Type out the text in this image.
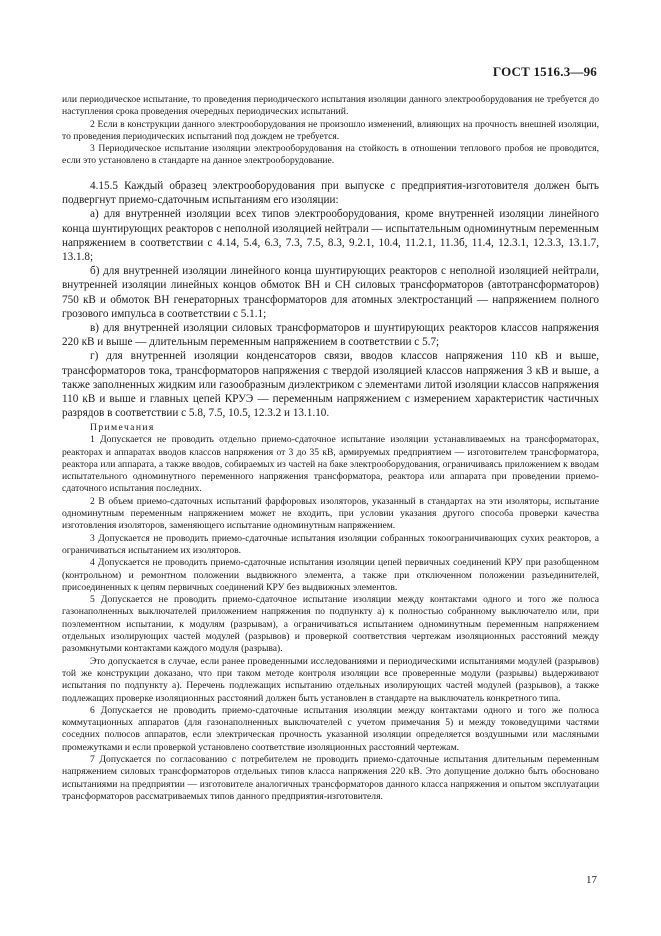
ГОСТ 1516.3—96

или периодическое испытание, то проведения периодического испытания изоляции данного электрооборудования не требуется до наступления срока проведения очередных периодических испытаний.

2 Если в конструкции данного электрооборудования не произошло изменений, влияющих на прочность внешней изоляции, то проведения периодических испытаний под дождем не требуется.

3 Периодическое испытание изоляции электрооборудования на стойкость в отношении теплового пробоя не проводится, если это установлено в стандарте на данное электрооборудование.

4.15.5 Каждый образец электрооборудования при выпуске с предприятия-изготовителя должен быть подвергнут приемо-сдаточным испытаниям его изоляции:

а) для внутренней изоляции всех типов электрооборудования, кроме внутренней изоляции линейного конца шунтирующих реакторов с неполной изоляцией нейтрали — испытательным одноминутным переменным напряжением в соответствии с 4.14, 5.4, 6.3, 7.3, 7.5, 8.3, 9.2.1, 10.4, 11.2.1, 11.3б, 11.4, 12.3.1, 12.3.3, 13.1.7, 13.1.8;

б) для внутренней изоляции линейного конца шунтирующих реакторов с неполной изоляцией нейтрали, внутренней изоляции линейных концов обмоток ВН и СН силовых трансформаторов (автотрансформаторов) 750 кВ и обмоток ВН генераторных трансформаторов для атомных электростанций — напряжением полного грозового импульса в соответствии с 5.1.1;

в) для внутренней изоляции силовых трансформаторов и шунтирующих реакторов классов напряжения 220 кВ и выше — длительным переменным напряжением в соответствии с 5.7;

г) для внутренней изоляции конденсаторов связи, вводов классов напряжения 110 кВ и выше, трансформаторов тока, трансформаторов напряжения с твердой изоляцией классов напряжения 3 кВ и выше, а также заполненных жидким или газообразным диэлектриком с элементами литой изоляции классов напряжения 110 кВ и выше и главных цепей КРУЭ — переменным напряжением с измерением характеристик частичных разрядов в соответствии с 5.8, 7.5, 10.5, 12.3.2 и 13.1.10.

Примечания

1 Допускается не проводить отдельно приемо-сдаточное испытание изоляции устанавливаемых на трансформаторах, реакторах и аппаратах вводов классов напряжения от 3 до 35 кВ, армируемых предприятием — изготовителем трансформатора, реактора или аппарата, а также вводов, собираемых из частей на баке электрооборудования, ограничиваясь приложением к вводам испытательного одноминутного переменного напряжения трансформатора, реактора или аппарата при проведении приемо-сдаточного испытания последних.

2 В объем приемо-сдаточных испытаний фарфоровых изоляторов, указанный в стандартах на эти изоляторы, испытание одноминутным переменным напряжением может не входить, при условии указания другого способа проверки качества изготовления изоляторов, заменяющего испытание одноминутным напряжением.

3 Допускается не проводить приемо-сдаточные испытания изоляции собранных токоограничивающих сухих реакторов, а ограничиваться испытанием их изоляторов.

4 Допускается не проводить приемо-сдаточные испытания изоляции цепей первичных соединений КРУ при разобщенном (контрольном) и ремонтном положении выдвижного элемента, а также при отключенном положении разъединителей, присоединенных к цепям первичных соединений КРУ без выдвижных элементов.

5 Допускается не проводить приемо-сдаточное испытание изоляции между контактами одного и того же полюса газонаполненных выключателей приложением напряжения по подпункту а) к полностью собранному выключателю или, при поэлементном испытании, к модулям (разрывам), а ограничиваться испытанием одноминутным переменным напряжением отдельных изолирующих частей модулей (разрывов) и проверкой соответствия чертежам изоляционных расстояний между разомкнутыми контактами каждого модуля (разрыва).

Это допускается в случае, если ранее проведенными исследованиями и периодическими испытаниями модулей (разрывов) той же конструкции доказано, что при таком методе контроля изоляции все проверенные модули (разрывы) выдерживают испытания по подпункту а). Перечень подлежащих испытанию отдельных изолирующих частей модулей (разрывов), а также подлежащих проверке изоляционных расстояний должен быть установлен в стандарте на выключатель конкретного типа.

6 Допускается не проводить приемо-сдаточные испытания изоляции между контактами одного и того же полюса коммутационных аппаратов (для газонаполненных выключателей с учетом примечания 5) и между токоведущими частями соседних полюсов аппаратов, если электрическая прочность указанной изоляции определяется воздушными или масляными промежутками и если проверкой установлено соответствие изоляционных расстояний чертежам.

7 Допускается по согласованию с потребителем не проводить приемо-сдаточные испытания длительным переменным напряжением силовых трансформаторов отдельных типов класса напряжения 220 кВ. Это допущение должно быть обосновано испытаниями на предприятии — изготовителе аналогичных трансформаторов данного класса напряжения и опытом эксплуатации трансформаторов рассматриваемых типов данного предприятия-изготовителя.

17
